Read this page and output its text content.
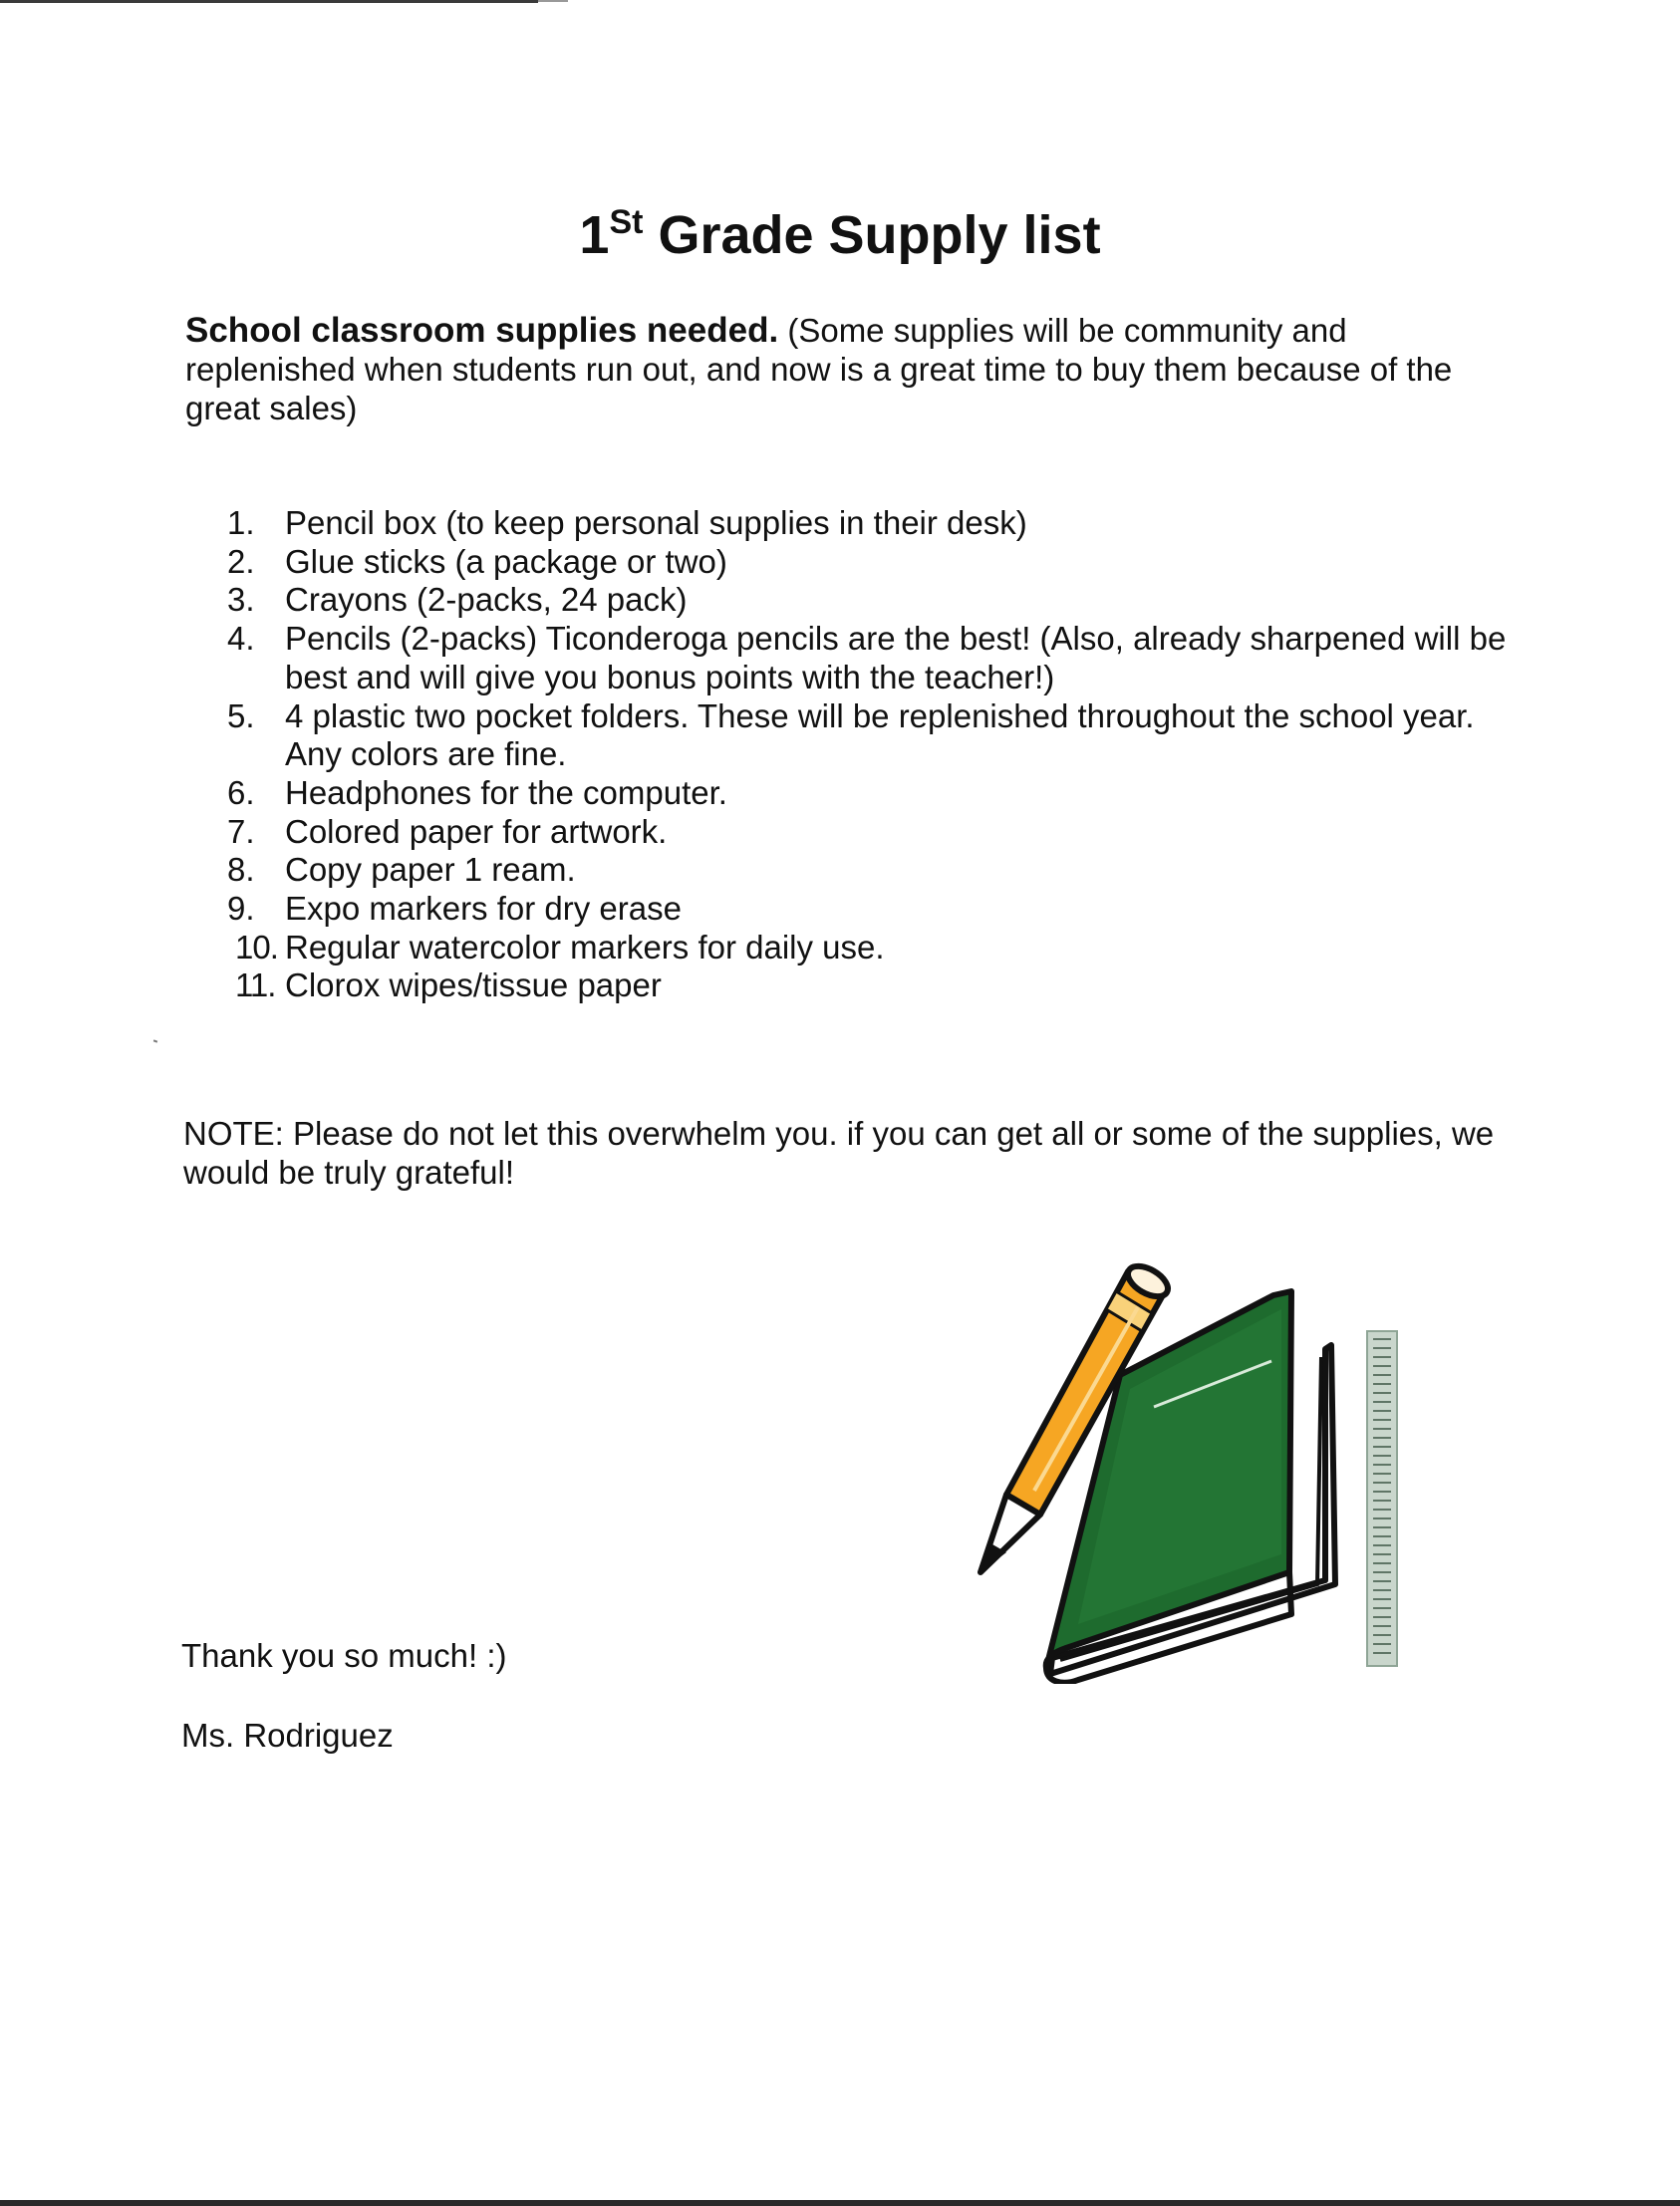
1St Grade Supply list

School classroom supplies needed. (Some supplies will be community and replenished when students run out, and now is a great time to buy them because of the great sales)

1. Pencil box (to keep personal supplies in their desk)
2. Glue sticks (a package or two)
3. Crayons (2-packs, 24 pack)
4. Pencils (2-packs) Ticonderoga pencils are the best! (Also, already sharpened will be best and will give you bonus points with the teacher!)
5. 4 plastic two pocket folders. These will be replenished throughout the school year. Any colors are fine.
6. Headphones for the computer.
7. Colored paper for artwork.
8. Copy paper 1 ream.
9. Expo markers for dry erase
10. Regular watercolor markers for daily use.
11. Clorox wipes/tissue paper

NOTE: Please do not let this overwhelm you. if you can get all or some of the supplies, we would be truly grateful!

Thank you so much! :)

Ms. Rodriguez
